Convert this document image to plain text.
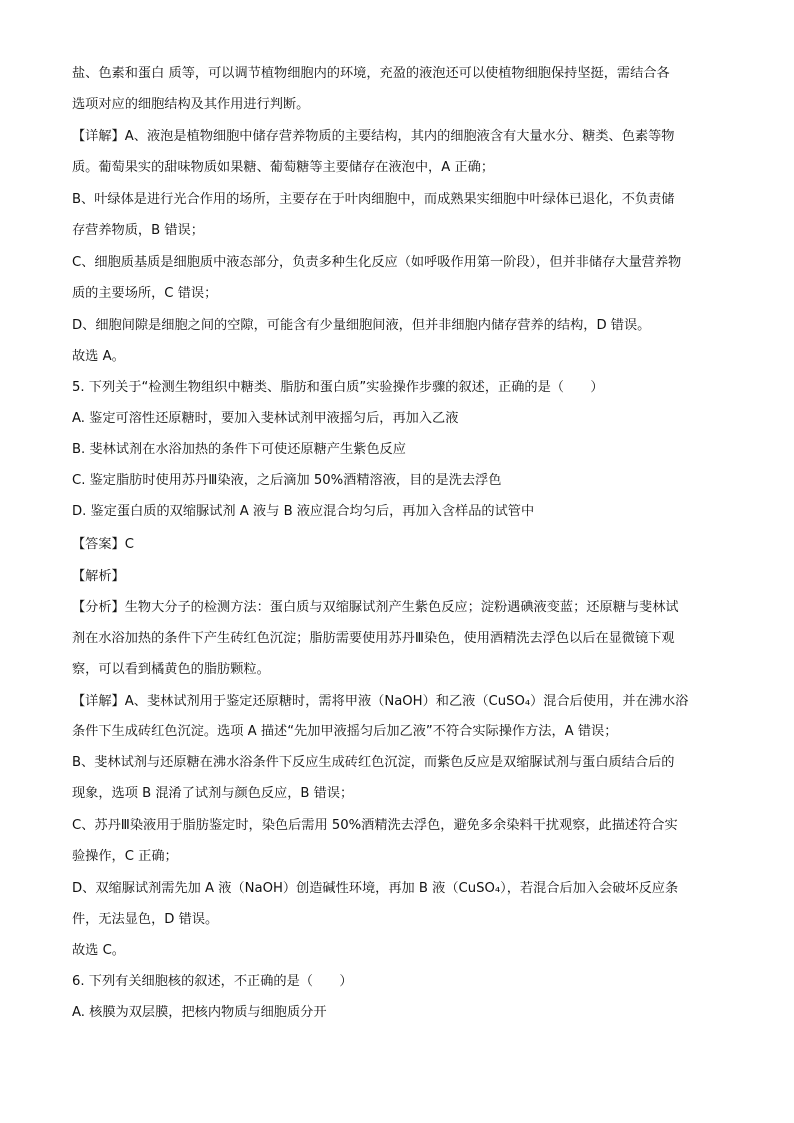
盐、色素和蛋白 质等，可以调节植物细胞内的环境，充盈的液泡还可以使植物细胞保持坚挺，需结合各
选项对应的细胞结构及其作用进行判断。
【详解】A、液泡是植物细胞中储存营养物质的主要结构，其内的细胞液含有大量水分、糖类、色素等物
质。葡萄果实的甜味物质如果糖、葡萄糖等主要储存在液泡中，A 正确；
B、叶绿体是进行光合作用的场所，主要存在于叶肉细胞中，而成熟果实细胞中叶绿体已退化，不负责储
存营养物质，B 错误；
C、细胞质基质是细胞质中液态部分，负责多种生化反应（如呼吸作用第一阶段），但并非储存大量营养物
质的主要场所，C 错误；
D、细胞间隙是细胞之间的空隙，可能含有少量细胞间液，但并非细胞内储存营养的结构，D 错误。
故选 A。
5. 下列关于“检测生物组织中糖类、脂肪和蛋白质”实验操作步骤的叙述，正确的是（　　）
A. 鉴定可溶性还原糖时，要加入斐林试剂甲液摇匀后，再加入乙液
B. 斐林试剂在水浴加热的条件下可使还原糖产生紫色反应
C. 鉴定脂肪时使用苏丹Ⅲ染液，之后滴加 50%酒精溶液，目的是洗去浮色
D. 鉴定蛋白质的双缩脲试剂 A 液与 B 液应混合均匀后，再加入含样品的试管中
【答案】C
【解析】
【分析】生物大分子的检测方法：蛋白质与双缩脲试剂产生紫色反应；淀粉遇碘液变蓝；还原糖与斐林试
剂在水浴加热的条件下产生砖红色沉淀；脂肪需要使用苏丹Ⅲ染色，使用酒精洗去浮色以后在显微镜下观
察，可以看到橘黄色的脂肪颗粒。
【详解】A、斐林试剂用于鉴定还原糖时，需将甲液（NaOH）和乙液（CuSO₄）混合后使用，并在沸水浴
条件下生成砖红色沉淀。选项 A 描述“先加甲液摇匀后加乙液”不符合实际操作方法，A 错误；
B、斐林试剂与还原糖在沸水浴条件下反应生成砖红色沉淀，而紫色反应是双缩脲试剂与蛋白质结合后的
现象，选项 B 混淆了试剂与颜色反应，B 错误；
C、苏丹Ⅲ染液用于脂肪鉴定时，染色后需用 50%酒精洗去浮色，避免多余染料干扰观察，此描述符合实
验操作，C 正确；
D、双缩脲试剂需先加 A 液（NaOH）创造碱性环境，再加 B 液（CuSO₄），若混合后加入会破坏反应条
件，无法显色，D 错误。
故选 C。
6. 下列有关细胞核的叙述，不正确的是（　　）
A. 核膜为双层膜，把核内物质与细胞质分开
